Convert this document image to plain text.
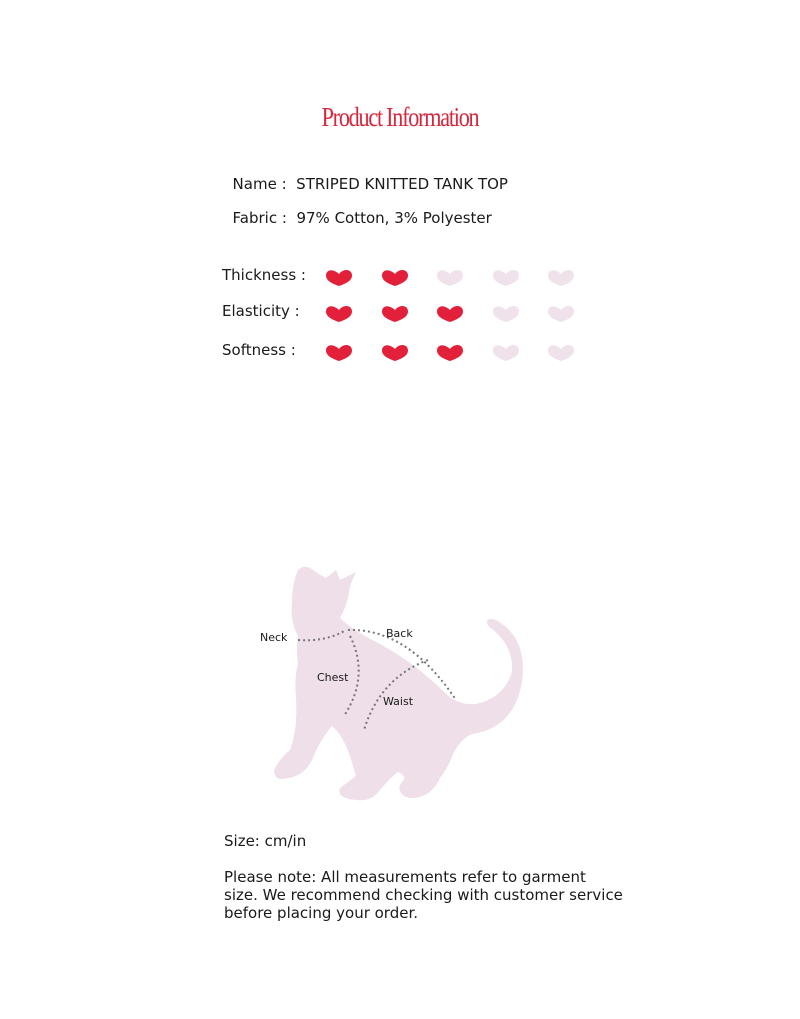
Product Information

Name : STRIPED KNITTED TANK TOP

Fabric : 97% Cotton, 3% Polyester

Thickness :
Elasticity :
Softness :
Neck	Back
Chest
Waist
Size: cm/in
Please note: All measurements refer to garment size. We recommend checking with customer service before placing your order.
